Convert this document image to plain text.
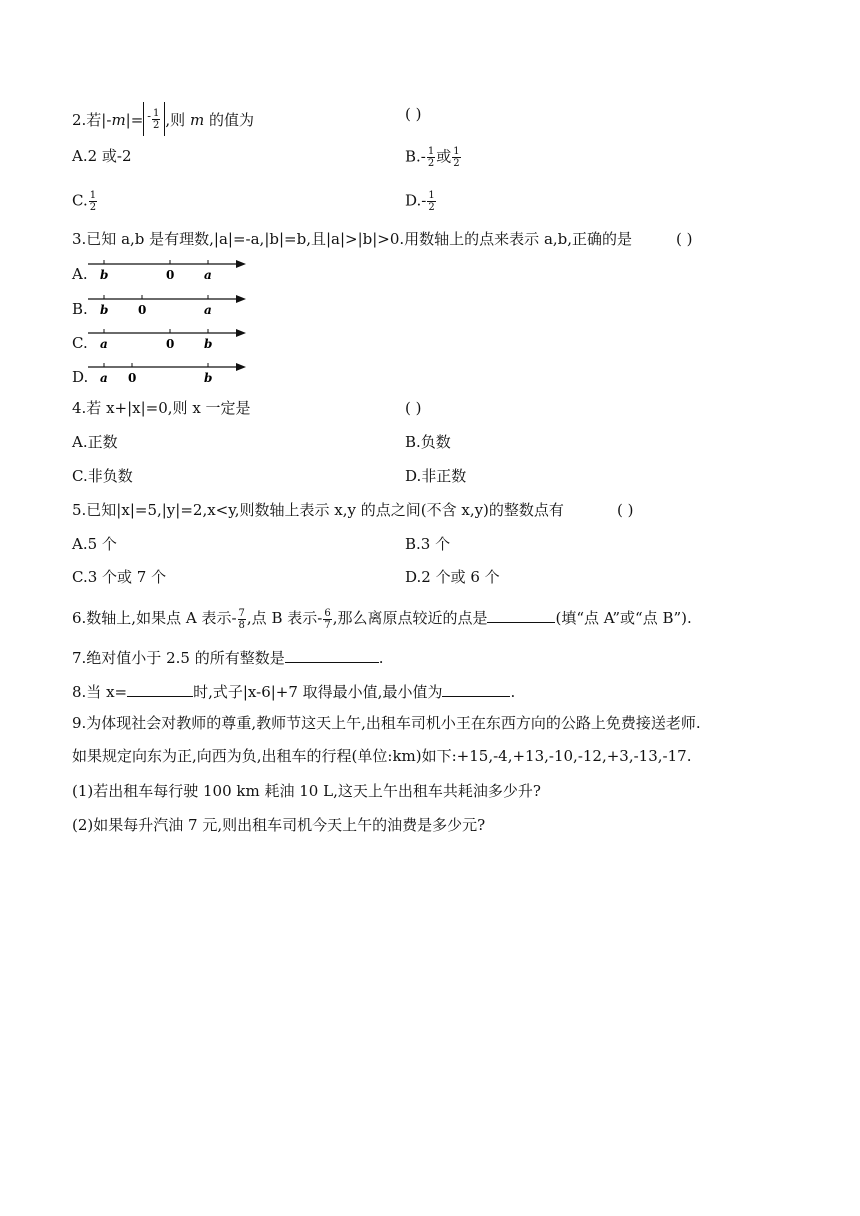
2.若$|-m|= - \frac{1}{2}$ ,则 m 的值为	( )
A.2 或-2	$B.- \frac{1}{2}$ 或 $\frac{1}{2}$
C. $\frac{1}{2}$	$D.- \frac{1}{2}$
3.已知 a,b 是有理数,|a|=-a,|b|=b,且|a|>|b|>0.用数轴上的点来表示 a,b,正确的是	( )
A. b	0 a
B. b 0	a
C. a	0 b
D. a 0	b
4.若 x+|x|=0,则 x 一定是	( )
A.正数	B.负数
C.非负数	D.非正数
5.已知|x|=5,|y|=2,x<y,则数轴上表示 x,y 的点之间(不含 x,y)的整数点有	( )
A.5 个	B.3 个
C.3 个或 7 个	D.2 个或 6 个
6.数轴上,如果点 A 表示- $\frac{7}{8}$ ,点 B 表示- $\frac{6}{7}$ ,那么离原点较近的点是	(填“点 A”或“点 B”).
7.绝对值小于 2.5 的所有整数是	.
8.当 x=	时,式子|x-6|+7 取得最小值,最小值为	.
9.为体现社会对教师的尊重,教师节这天上午,出租车司机小王在东西方向的公路上免费接送老师.
如果规定向东为正,向西为负,出租车的行程(单位:km)如下:+15,-4,+13,-10,-12,+3,-13,-17.
(1)若出租车每行驶 100 km 耗油 10 L,这天上午出租车共耗油多少升?
(2)如果每升汽油 7 元,则出租车司机今天上午的油费是多少元?
